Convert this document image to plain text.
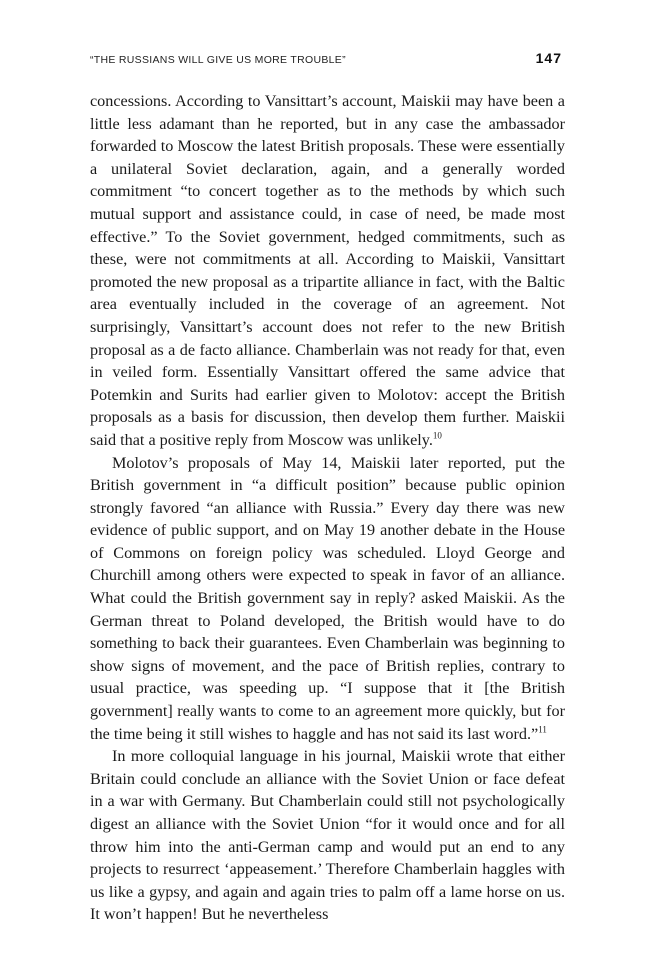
“THE RUSSIANS WILL GIVE US MORE TROUBLE”	147

concessions. According to Vansittart’s account, Maiskii may have been a little less adamant than he reported, but in any case the ambassador forwarded to Moscow the latest British proposals. These were essentially a unilateral Soviet declaration, again, and a generally worded commitment “to concert together as to the methods by which such mutual support and assistance could, in case of need, be made most effective.” To the Soviet government, hedged commitments, such as these, were not commitments at all. According to Maiskii, Vansittart promoted the new proposal as a tripartite alliance in fact, with the Baltic area eventually included in the coverage of an agreement. Not surprisingly, Vansittart’s account does not refer to the new British proposal as a de facto alliance. Chamberlain was not ready for that, even in veiled form. Essentially Vansittart offered the same advice that Potemkin and Surits had earlier given to Molotov: accept the British proposals as a basis for discussion, then develop them further. Maiskii said that a positive reply from Moscow was unlikely.$^{10}$

Molotov’s proposals of May 14, Maiskii later reported, put the British government in “a difficult position” because public opinion strongly favored “an alliance with Russia.” Every day there was new evidence of public support, and on May 19 another debate in the House of Commons on foreign policy was scheduled. Lloyd George and Churchill among others were expected to speak in favor of an alliance. What could the British government say in reply? asked Maiskii. As the German threat to Poland developed, the British would have to do something to back their guarantees. Even Chamberlain was beginning to show signs of movement, and the pace of British replies, contrary to usual practice, was speeding up. “I suppose that it [the British government] really wants to come to an agreement more quickly, but for the time being it still wishes to haggle and has not said its last word.”$^{11}$

In more colloquial language in his journal, Maiskii wrote that either Britain could conclude an alliance with the Soviet Union or face defeat in a war with Germany. But Chamberlain could still not psychologically digest an alliance with the Soviet Union “for it would once and for all throw him into the anti-German camp and would put an end to any projects to resurrect ‘appeasement.’ Therefore Chamberlain haggles with us like a gypsy, and again and again tries to palm off a lame horse on us. It won’t happen! But he nevertheless
